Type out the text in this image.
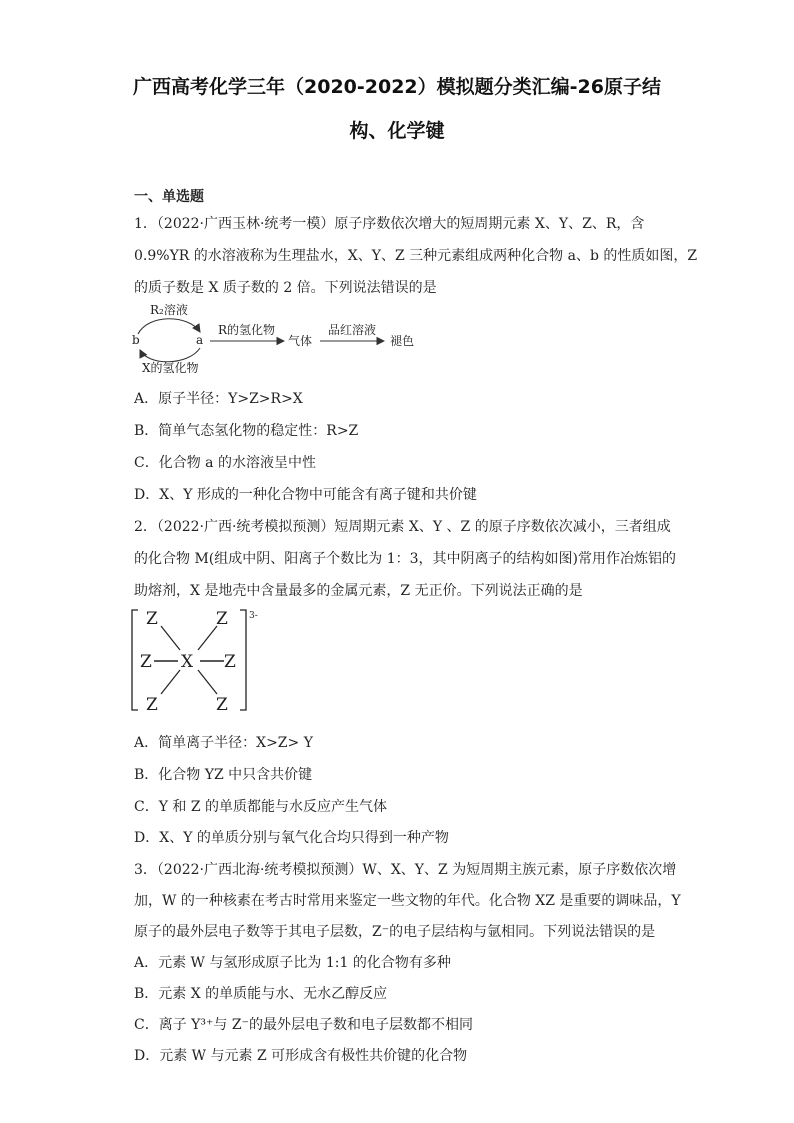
广西高考化学三年（2020-2022）模拟题分类汇编-26原子结
构、化学键
一、单选题
1．（2022·广西玉林·统考一模）原子序数依次增大的短周期元素 X、Y、Z、R，含
0.9%YR 的水溶液称为生理盐水，X、Y、Z 三种元素组成两种化合物 a、b 的性质如图，Z
的质子数是 X 质子数的 2 倍。下列说法错误的是
R₂溶液
b	a
X的氢化物
R的氢化物
气体
品红溶液
褪色
A．原子半径：Y>Z>R>X
B．简单气态氢化物的稳定性：R>Z
C．化合物 a 的水溶液呈中性
D．X、Y 形成的一种化合物中可能含有离子键和共价键
2．（2022·广西·统考模拟预测）短周期元素 X、Y 、Z 的原子序数依次减小，三者组成
的化合物 M(组成中阴、阳离子个数比为 1：3，其中阴离子的结构如图)常用作冶炼铝的
助熔剂，X 是地壳中含量最多的金属元素，Z 无正价。下列说法正确的是
3-
Z	Z
Z X Z
Z	Z
A．简单离子半径：X>Z> Y
B．化合物 YZ 中只含共价键
C．Y 和 Z 的单质都能与水反应产生气体
D．X、Y 的单质分别与氧气化合均只得到一种产物
3．（2022·广西北海·统考模拟预测）W、X、Y、Z 为短周期主族元素，原子序数依次增
加，W 的一种核素在考古时常用来鉴定一些文物的年代。化合物 XZ 是重要的调味品，Y
原子的最外层电子数等于其电子层数，Z⁻的电子层结构与氩相同。下列说法错误的是
A．元素 W 与氢形成原子比为 1:1 的化合物有多种
B．元素 X 的单质能与水、无水乙醇反应
C．离子 Y³⁺与 Z⁻的最外层电子数和电子层数都不相同
D．元素 W 与元素 Z 可形成含有极性共价键的化合物
